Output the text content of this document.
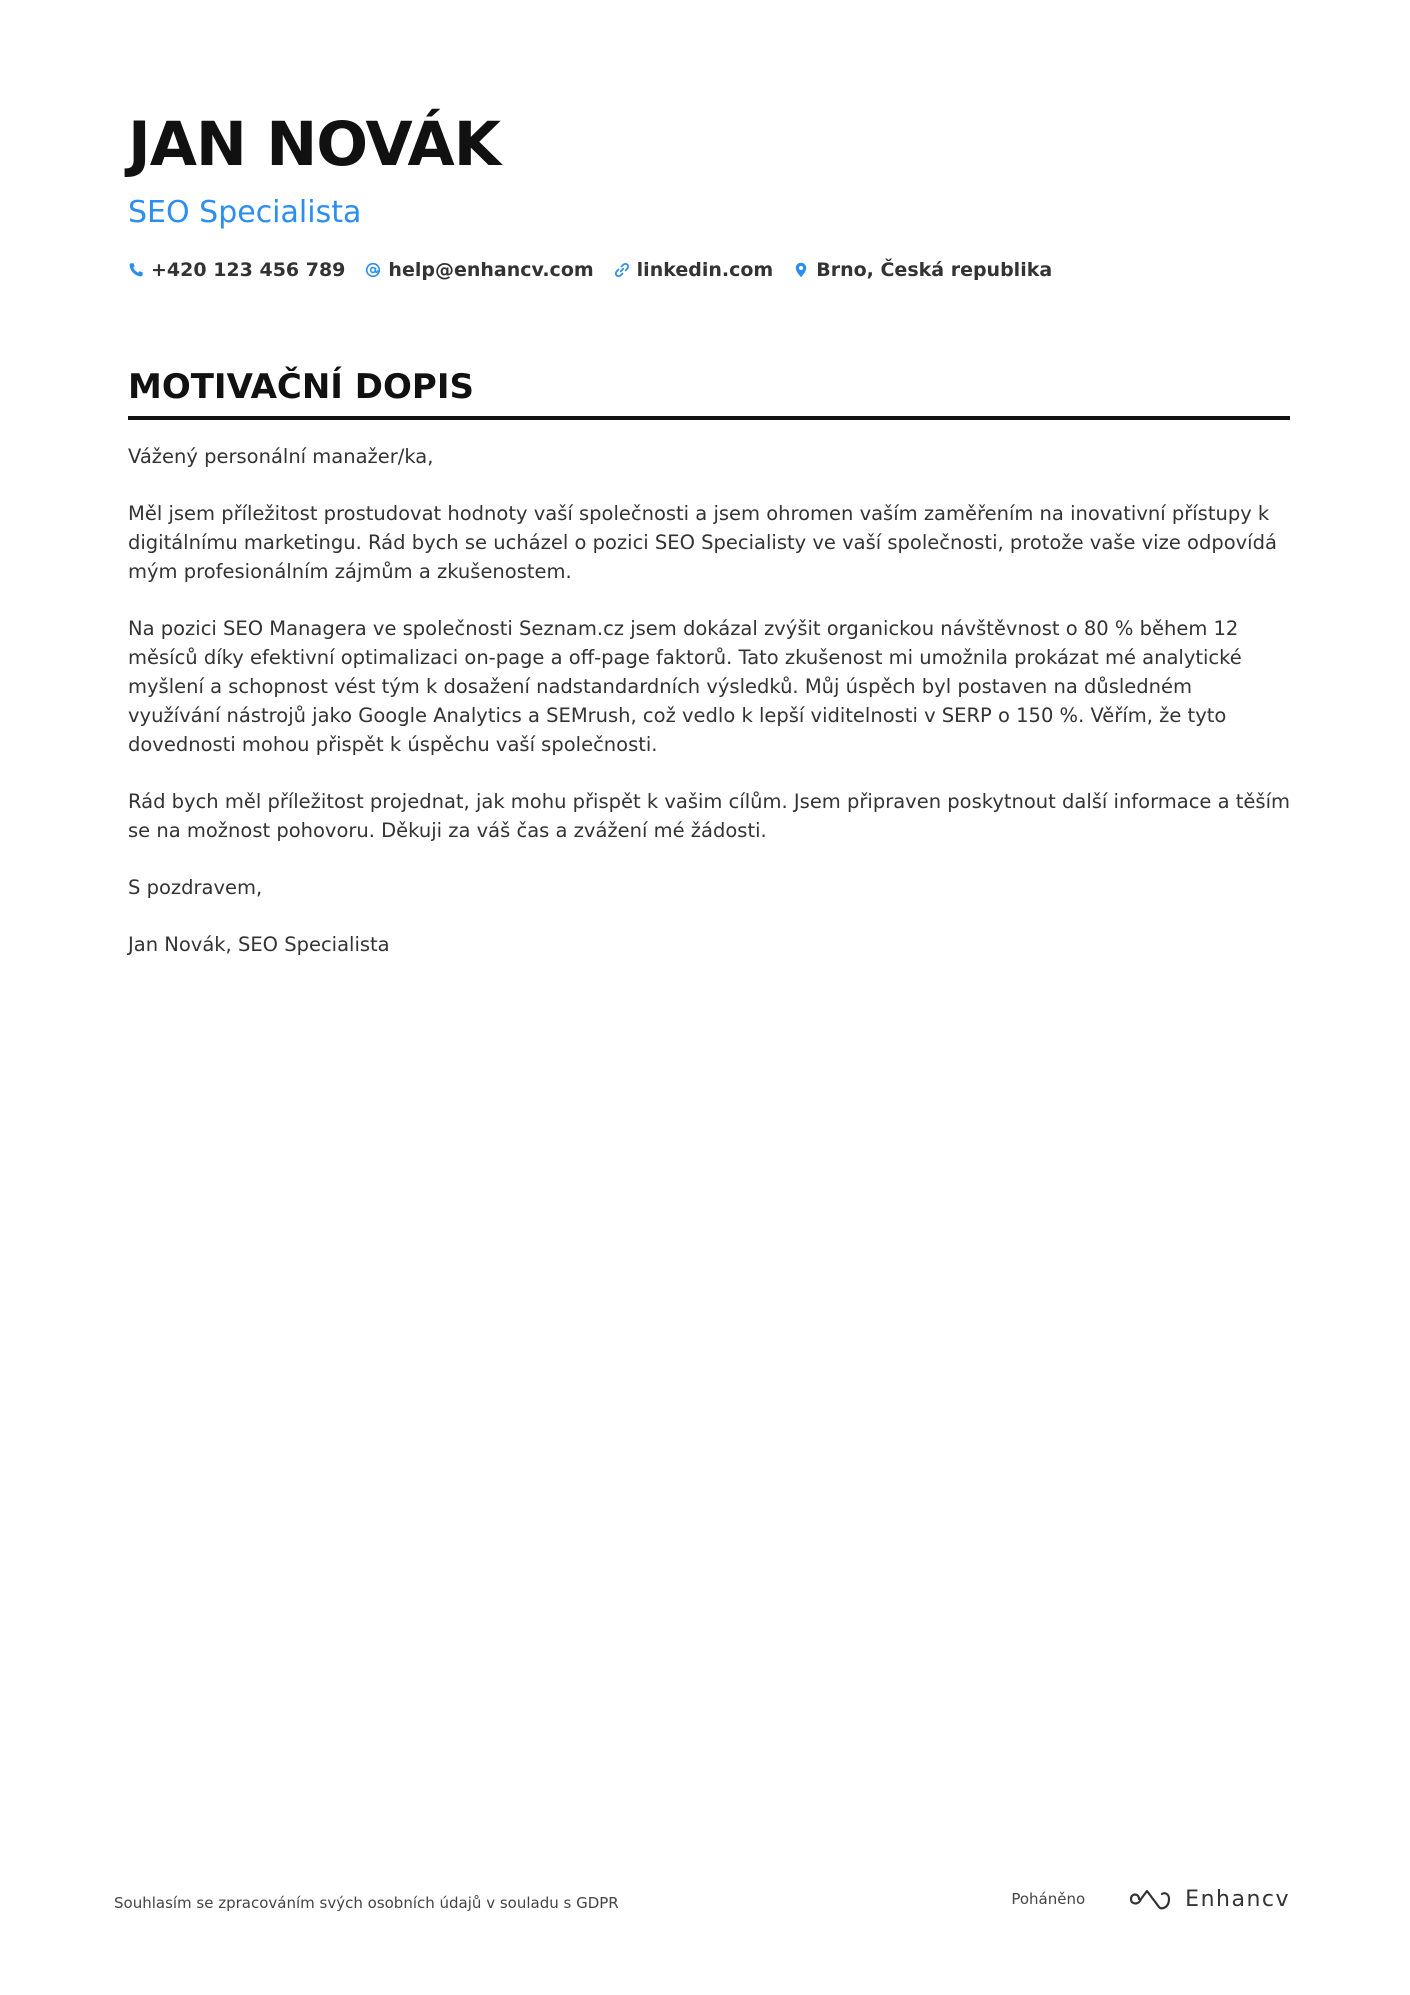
JAN NOVÁK
SEO Specialista
+420 123 456 789 help@enhancv.com linkedin.com Brno, Česká republika
MOTIVAČNÍ DOPIS

Vážený personální manažer/ka,

Měl jsem příležitost prostudovat hodnoty vaší společnosti a jsem ohromen vaším zaměřením na inovativní přístupy k digitálnímu marketingu. Rád bych se ucházel o pozici SEO Specialisty ve vaší společnosti, protože vaše vize odpovídá mým profesionálním zájmům a zkušenostem.

Na pozici SEO Managera ve společnosti Seznam.cz jsem dokázal zvýšit organickou návštěvnost o 80 % během 12 měsíců díky efektivní optimalizaci on-page a off-page faktorů. Tato zkušenost mi umožnila prokázat mé analytické myšlení a schopnost vést tým k dosažení nadstandardních výsledků. Můj úspěch byl postaven na důsledném využívání nástrojů jako Google Analytics a SEMrush, což vedlo k lepší viditelnosti v SERP o 150 %. Věřím, že tyto dovednosti mohou přispět k úspěchu vaší společnosti.

Rád bych měl příležitost projednat, jak mohu přispět k vašim cílům. Jsem připraven poskytnout další informace a těším se na možnost pohovoru. Děkuji za váš čas a zvážení mé žádosti.

S pozdravem,

Jan Novák, SEO Specialista

Souhlasím se zpracováním svých osobních údajů v souladu s GDPR	Poháněno	Enhancv
